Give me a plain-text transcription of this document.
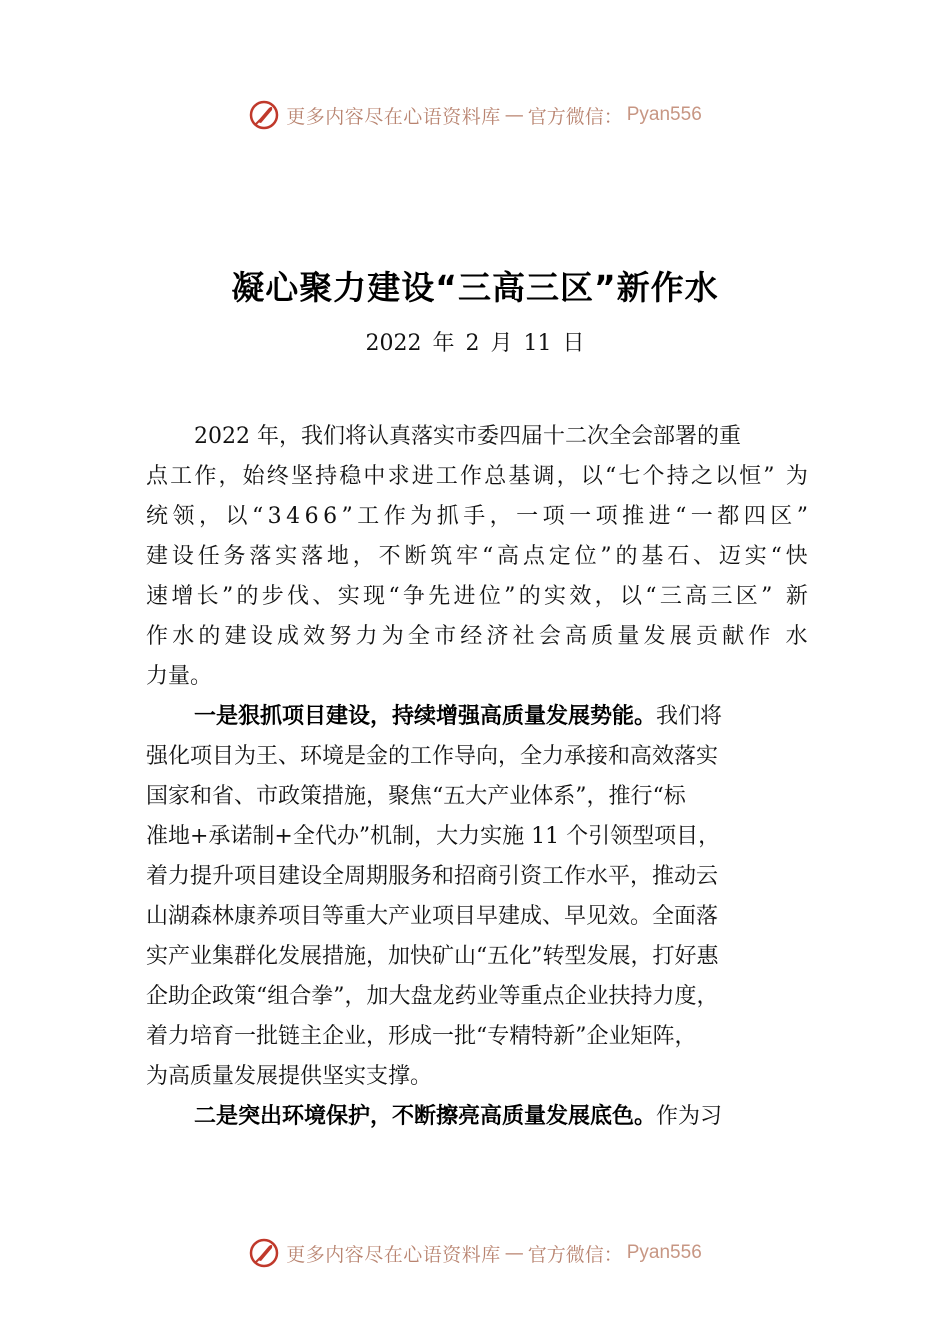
更多内容尽在心语资料库 — 官方微信： Pyan556
凝心聚力建设“三高三区”新作水
2022 年 2 月 11 日
2022 年，我们将认真落实市委四届十二次全会部署的重
点 工 作 ， 始 终 坚 持 稳 中 求 进 工 作 总 基 调 ， 以 “ 七 个 持 之 以 恒 ”
为
统 领 ， 以 “ 3 4 6 6 ” 工 作 为 抓 手 ， 一 项 一 项 推 进 “ 一 都 四 区 ”
建 设 任 务 落 实 落 地 ， 不 断 筑 牢 “ 高 点 定 位 ” 的 基 石 、 迈 实 “ 快
速 增 长 ” 的 步 伐 、 实 现 “ 争 先 进 位 ” 的 实 效 ， 以 “ 三 高 三 区 ”
新
作 水 的 建 设 成 效 努 力 为 全 市 经 济 社 会 高 质 量 发 展 贡 献 作
水
力量。
一是狠抓项目建设，持续增强高质量发展势能。我们将
强化项目为王、环境是金的工作导向，全力承接和高效落实
国家和省、市政策措施，聚焦“五大产业体系”，推行“标
准地+承诺制+全代办”机制，大力实施 11 个引领型项目，
着力提升项目建设全周期服务和招商引资工作水平，推动云
山湖森林康养项目等重大产业项目早建成、早见效。全面落
实产业集群化发展措施，加快矿山“五化”转型发展，打好惠
企助企政策“组合拳”，加大盘龙药业等重点企业扶持力度，
着力培育一批链主企业，形成一批“专精特新”企业矩阵，
为高质量发展提供坚实支撑。
二是突出环境保护，不断擦亮高质量发展底色。作为习
更多内容尽在心语资料库 — 官方微信： Pyan556
